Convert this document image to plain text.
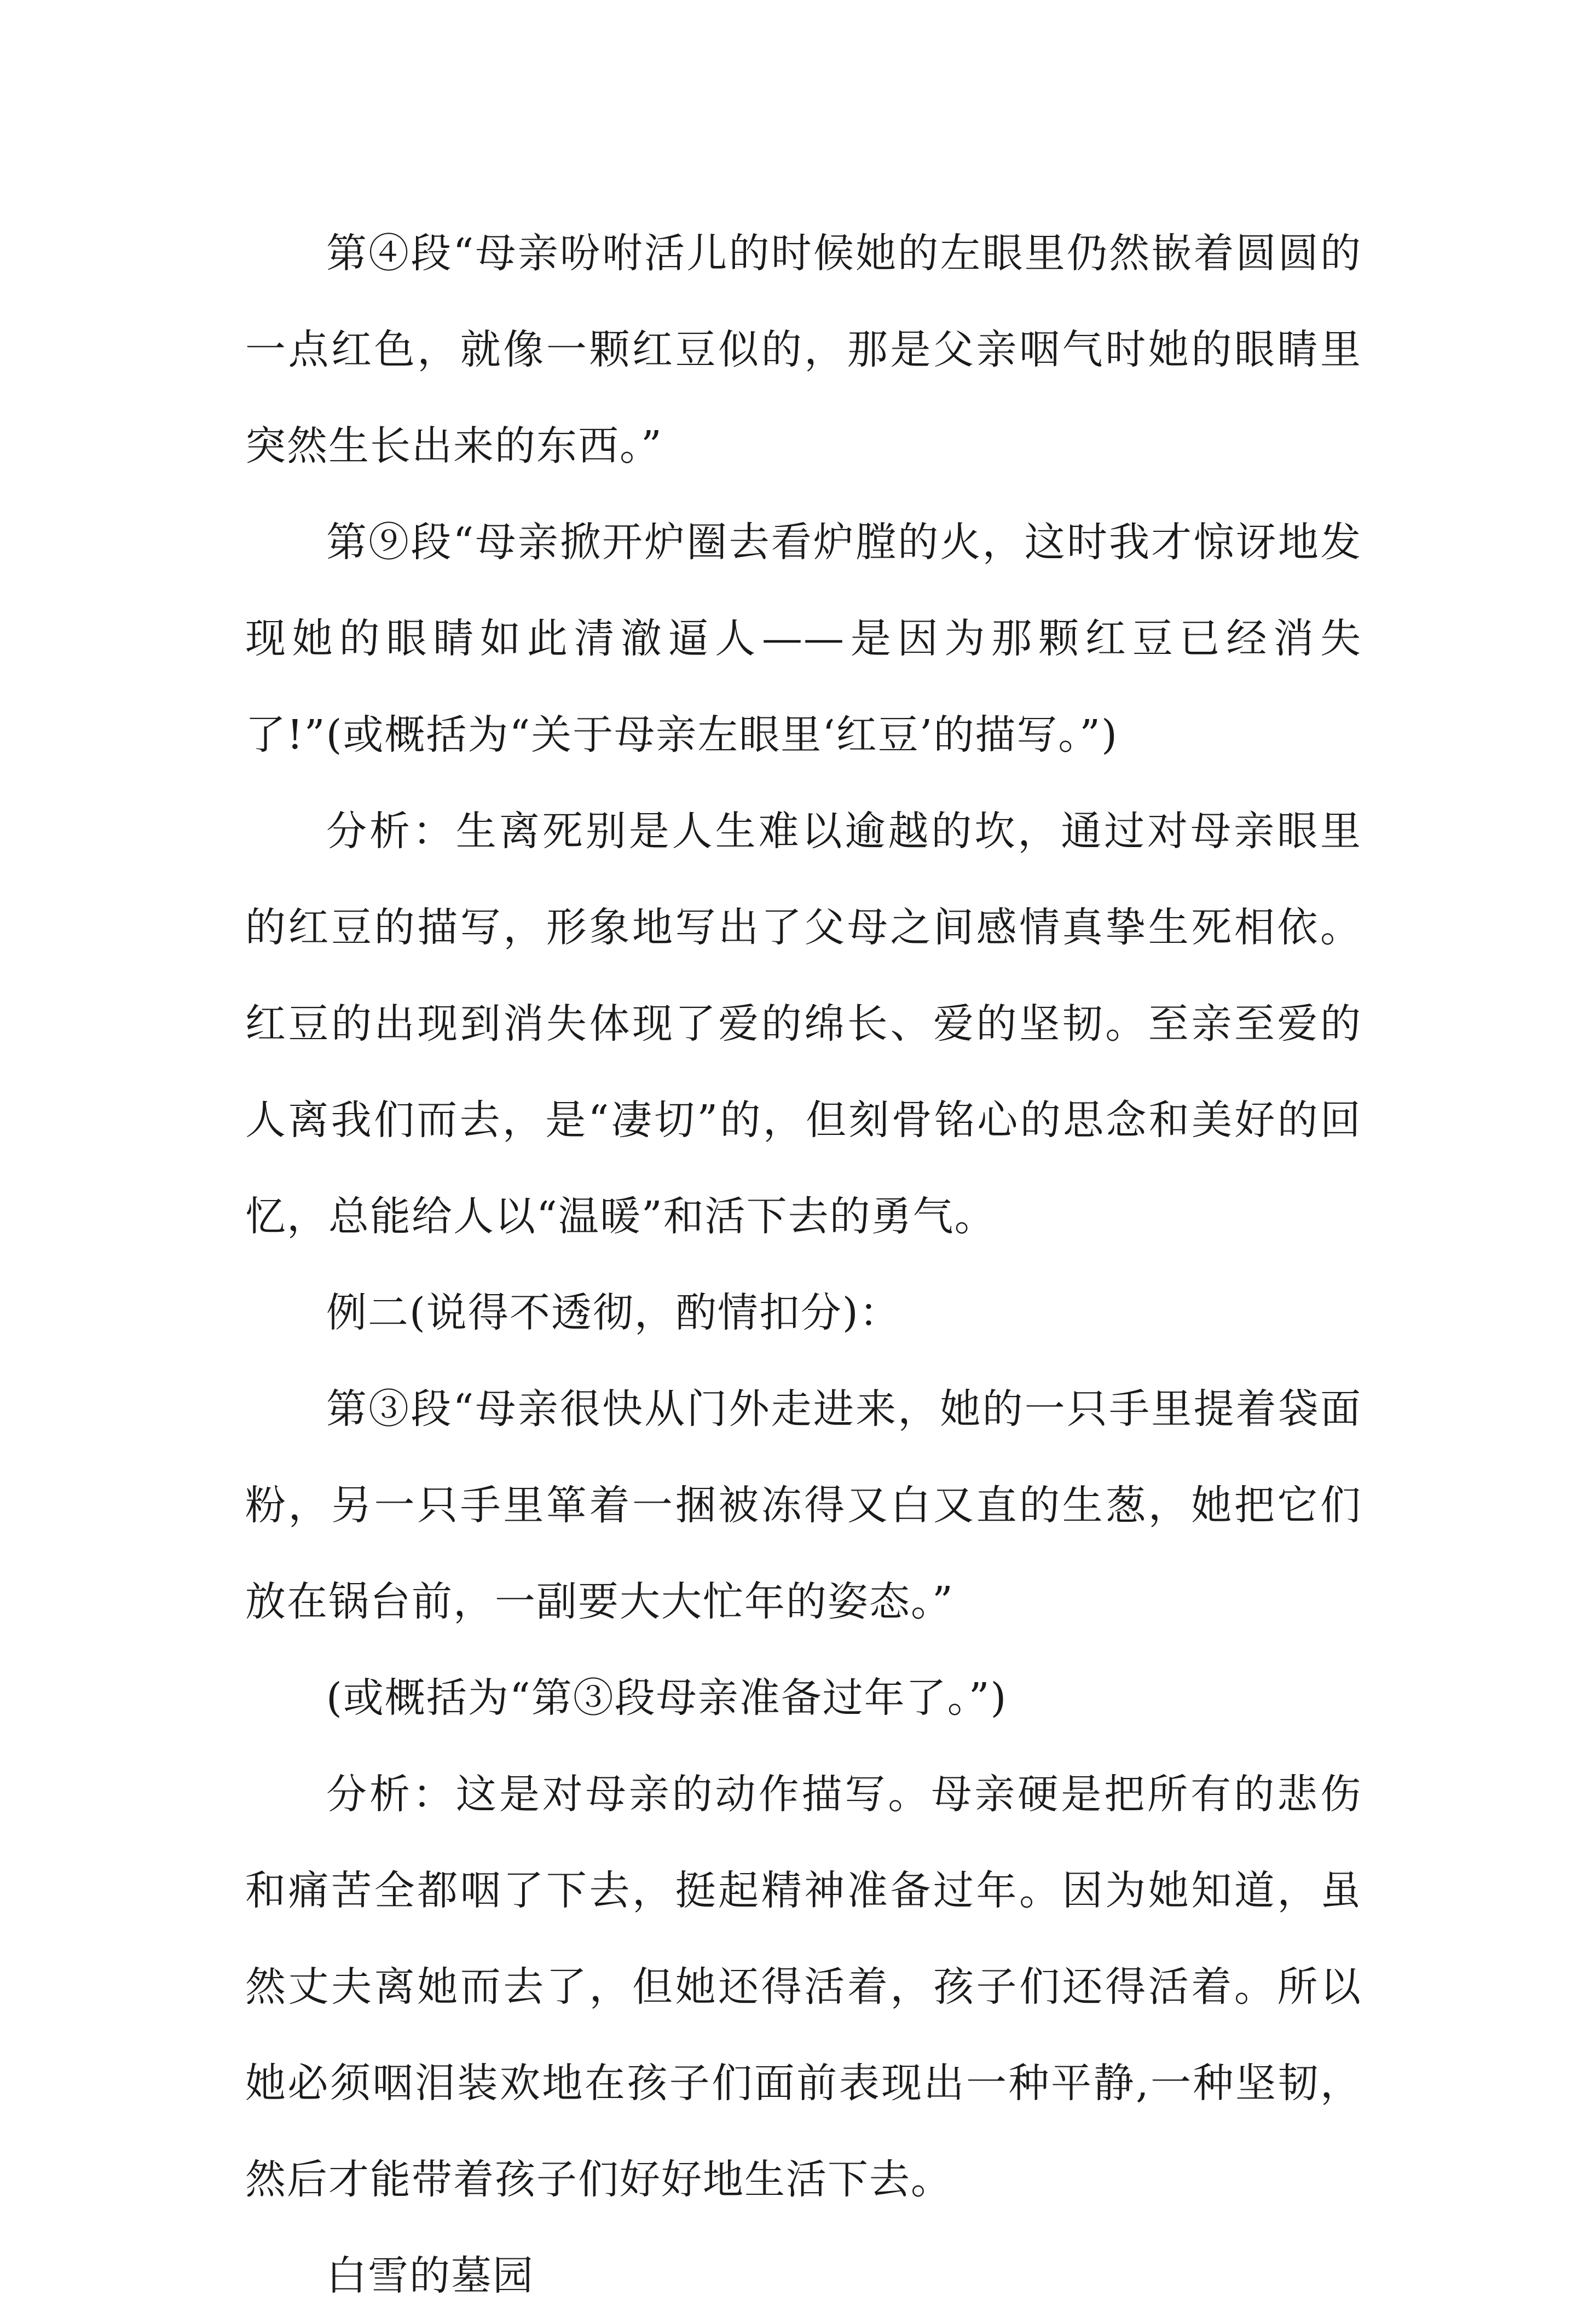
第④段“母亲吩咐活儿的时候她的左眼里仍然嵌着圆圆的一点红色，就像一颗红豆似的，那是父亲咽气时她的眼睛里突然生长出来的东西。”

第⑨段“母亲掀开炉圈去看炉膛的火，这时我才惊讶地发现她的眼睛如此清澈逼人——是因为那颗红豆已经消失了!”(或概括为“关于母亲左眼里‘红豆’的描写。”)

分析：生离死别是人生难以逾越的坎，通过对母亲眼里的红豆的描写，形象地写出了父母之间感情真挚生死相依。红豆的出现到消失体现了爱的绵长、爱的坚韧。至亲至爱的人离我们而去，是“凄切”的，但刻骨铭心的思念和美好的回忆，总能给人以“温暖”和活下去的勇气。

例二(说得不透彻，酌情扣分)：

第③段“母亲很快从门外走进来，她的一只手里提着袋面粉，另一只手里箪着一捆被冻得又白又直的生葱，她把它们放在锅台前，一副要大大忙年的姿态。”

(或概括为“第③段母亲准备过年了。”)

分析：这是对母亲的动作描写。母亲硬是把所有的悲伤和痛苦全都咽了下去，挺起精神准备过年。因为她知道，虽然丈夫离她而去了，但她还得活着，孩子们还得活着。所以她必须咽泪装欢地在孩子们面前表现出一种平静,一种坚韧，然后才能带着孩子们好好地生活下去。

白雪的墓园
